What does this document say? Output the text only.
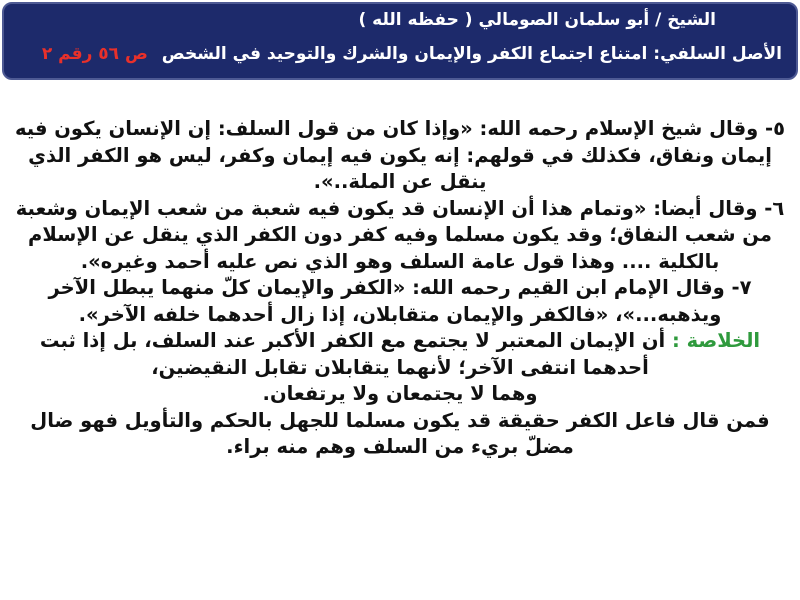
الشيخ / أبو سلمان الصومالي ( حفظه الله )
الأصل السلفي: امتناع اجتماع الكفر والإيمان والشرك والتوحيد في الشخص ص ٥٦ رقم ٢

٥- وقال شيخ الإسلام رحمه الله: «وإذا كان من قول السلف: إن الإنسان يكون فيه إيمان ونفاق، فكذلك في قولهم: إنه يكون فيه إيمان وكفر، ليس هو الكفر الذي ينقل عن الملة..».

٦- وقال أيضا: «وتمام هذا أن الإنسان قد يكون فيه شعبة من شعب الإيمان وشعبة من شعب النفاق؛ وقد يكون مسلما وفيه كفر دون الكفر الذي ينقل عن الإسلام بالكلية .... وهذا قول عامة السلف وهو الذي نص عليه أحمد وغيره».

٧- وقال الإمام ابن القيم رحمه الله: «الكفر والإيمان كلّ منهما يبطل الآخر ويذهبه...»، «فالكفر والإيمان متقابلان، إذا زال أحدهما خلفه الآخر».

الخلاصة : أن الإيمان المعتبر لا يجتمع مع الكفر الأكبر عند السلف، بل إذا ثبت

أحدهما انتفى الآخر؛ لأنهما يتقابلان تقابل النقيضين،

وهما لا يجتمعان ولا يرتفعان.

فمن قال فاعل الكفر حقيقة قد يكون مسلما للجهل بالحكم والتأويل فهو ضال مضلّ بريء من السلف وهم منه براء.
